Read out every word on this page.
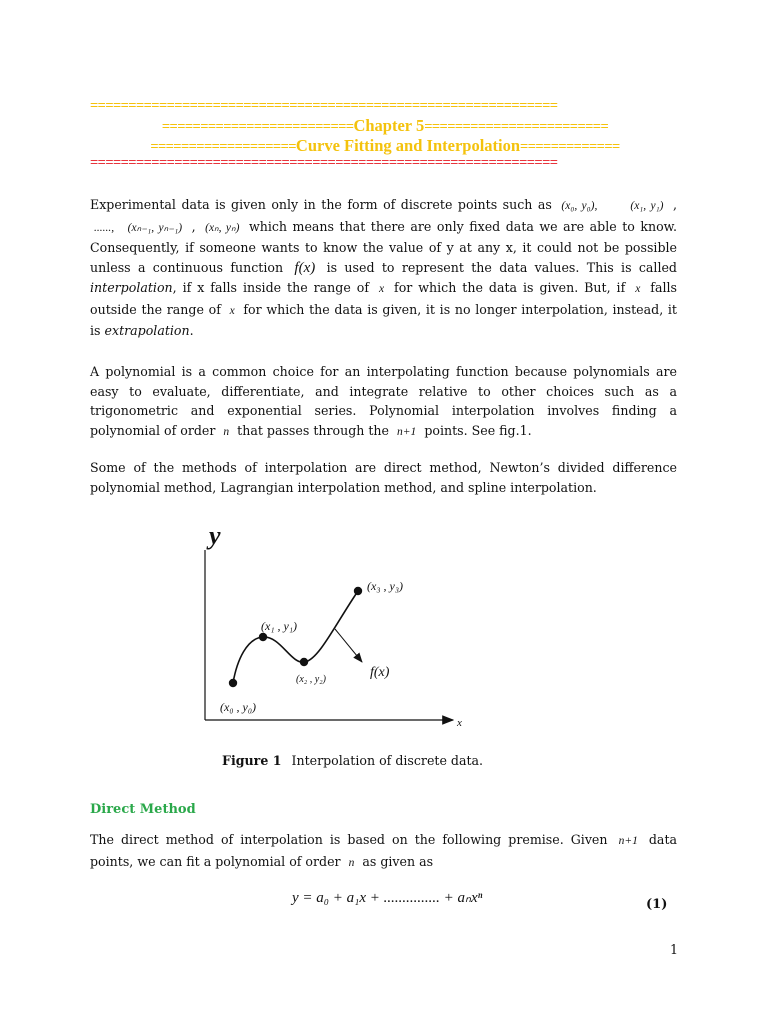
=============================================================
=========================Chapter 5========================
===================Curve Fitting and Interpolation=============
=============================================================

Experimental data is given only in the form of discrete points such as (x₀, y₀),	(x₁, y₁) , ......, (xₙ₋₁, yₙ₋₁) , (xₙ, yₙ) which means that there are only fixed data we are able to know. Consequently, if someone wants to know the value of y at any x, it could not be possible unless a continuous function f(x) is used to represent the data values. This is called interpolation, if x falls inside the range of x for which the data is given. But, if x falls outside the range of x for which the data is given, it is no longer interpolation, instead, it is extrapolation.

A polynomial is a common choice for an interpolating function because polynomials are easy to evaluate, differentiate, and integrate relative to other choices such as a trigonometric and exponential series. Polynomial interpolation involves finding a polynomial of order n that passes through the n+1 points. See fig.1.

Some of the methods of interpolation are direct method, Newton’s divided difference polynomial method, Lagrangian interpolation method, and spline interpolation.

y
x
(x₀ , y₀)
(x₁ , y₁)
(x₂ , y₂)
(x₃ , y₃)
f(x)
Figure 1 Interpolation of discrete data.
Direct Method

The direct method of interpolation is based on the following premise. Given n+1 data points, we can fit a polynomial of order n as given as

y = a₀ + a₁x + ............... + aₙxⁿ	(1)
1
